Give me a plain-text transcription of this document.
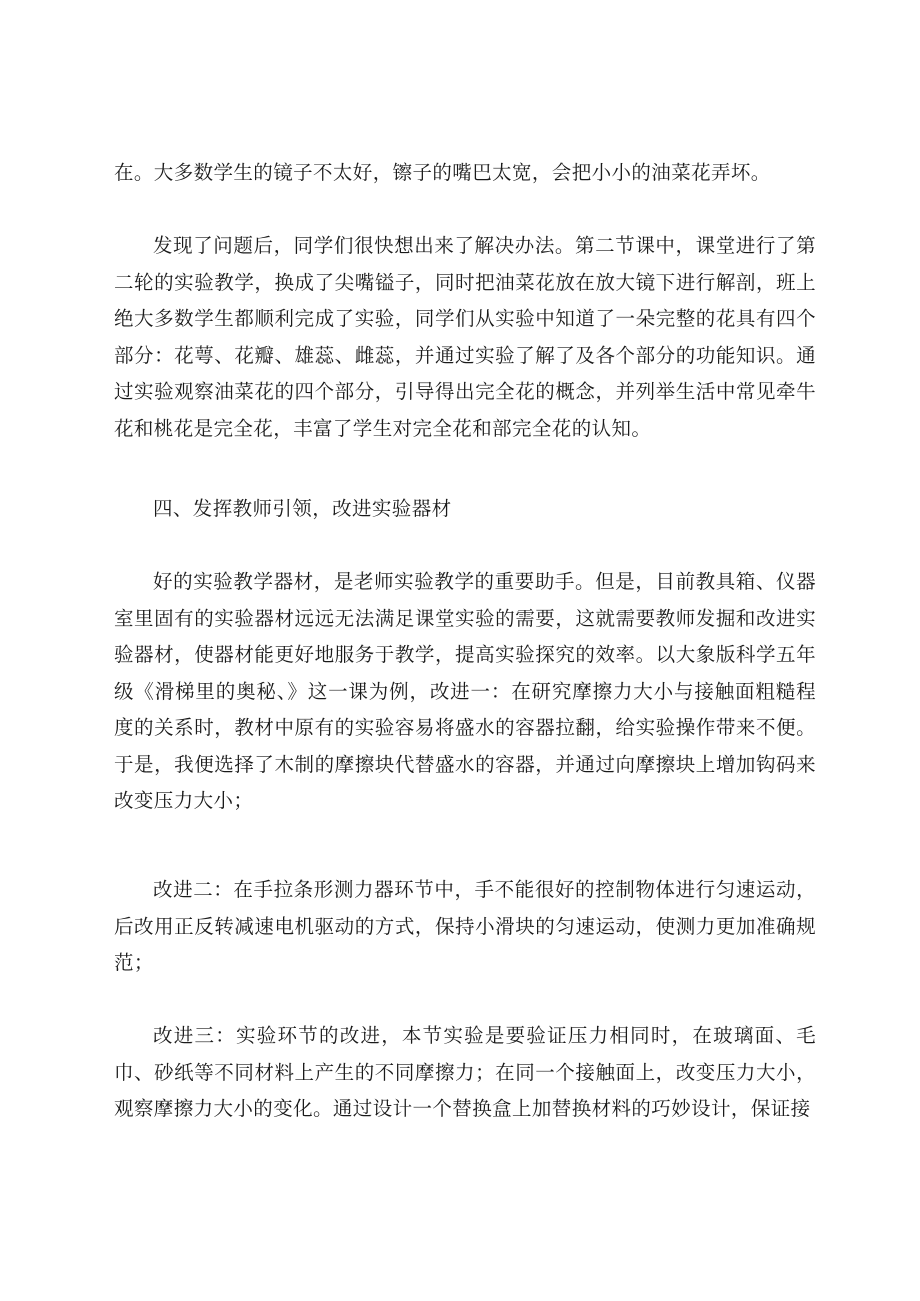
在。大多数学生的镜子不太好，镲子的嘴巴太宽，会把小小的油菜花弄坏。

发现了问题后，同学们很快想出来了解决办法。第二节课中，课堂进行了第二轮的实验教学，换成了尖嘴镒子，同时把油菜花放在放大镜下进行解剖，班上绝大多数学生都顺利完成了实验，同学们从实验中知道了一朵完整的花具有四个部分：花萼、花瓣、雄蕊、雌蕊，并通过实验了解了及各个部分的功能知识。通过实验观察油菜花的四个部分，引导得出完全花的概念，并列举生活中常见牵牛花和桃花是完全花，丰富了学生对完全花和部完全花的认知。

四、发挥教师引领，改进实验器材

好的实验教学器材，是老师实验教学的重要助手。但是，目前教具箱、仪器室里固有的实验器材远远无法满足课堂实验的需要，这就需要教师发掘和改进实验器材，使器材能更好地服务于教学，提高实验探究的效率。以大象版科学五年级《滑梯里的奥秘、》这一课为例，改进一：在研究摩擦力大小与接触面粗糙程度的关系时，教材中原有的实验容易将盛水的容器拉翻，给实验操作带来不便。于是，我便选择了木制的摩擦块代替盛水的容器，并通过向摩擦块上增加钩码来改变压力大小；

改进二：在手拉条形测力器环节中，手不能很好的控制物体进行匀速运动，后改用正反转减速电机驱动的方式，保持小滑块的匀速运动，使测力更加准确规范；

改进三：实验环节的改进，本节实验是要验证压力相同时，在玻璃面、毛巾、砂纸等不同材料上产生的不同摩擦力；在同一个接触面上，改变压力大小，观察摩擦力大小的变化。通过设计一个替换盒上加替换材料的巧妙设计，保证接
